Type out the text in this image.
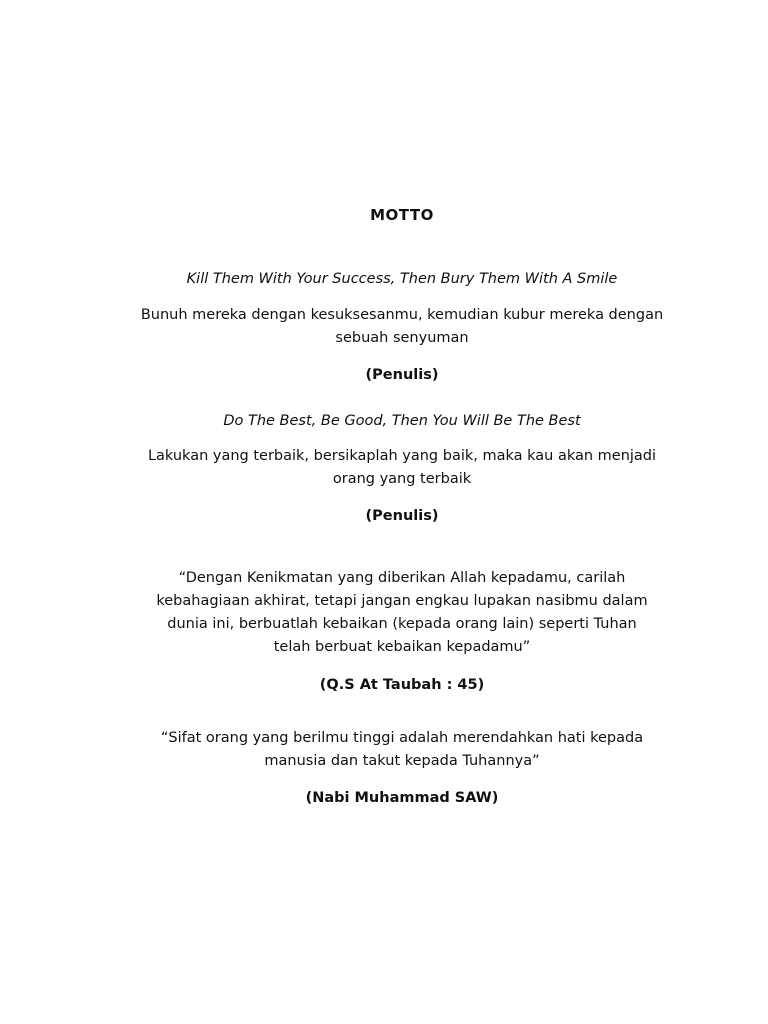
MOTTO

Kill Them With Your Success, Then Bury Them With A Smile

Bunuh mereka dengan kesuksesanmu, kemudian kubur mereka dengan sebuah senyuman

(Penulis)

Do The Best, Be Good, Then You Will Be The Best

Lakukan yang terbaik, bersikaplah yang baik, maka kau akan menjadi orang yang terbaik

(Penulis)

“Dengan Kenikmatan yang diberikan Allah kepadamu, carilah kebahagiaan akhirat, tetapi jangan engkau lupakan nasibmu dalam dunia ini, berbuatlah kebaikan (kepada orang lain) seperti Tuhan telah berbuat kebaikan kepadamu”

(Q.S At Taubah : 45)

“Sifat orang yang berilmu tinggi adalah merendahkan hati kepada manusia dan takut kepada Tuhannya”

(Nabi Muhammad SAW)
